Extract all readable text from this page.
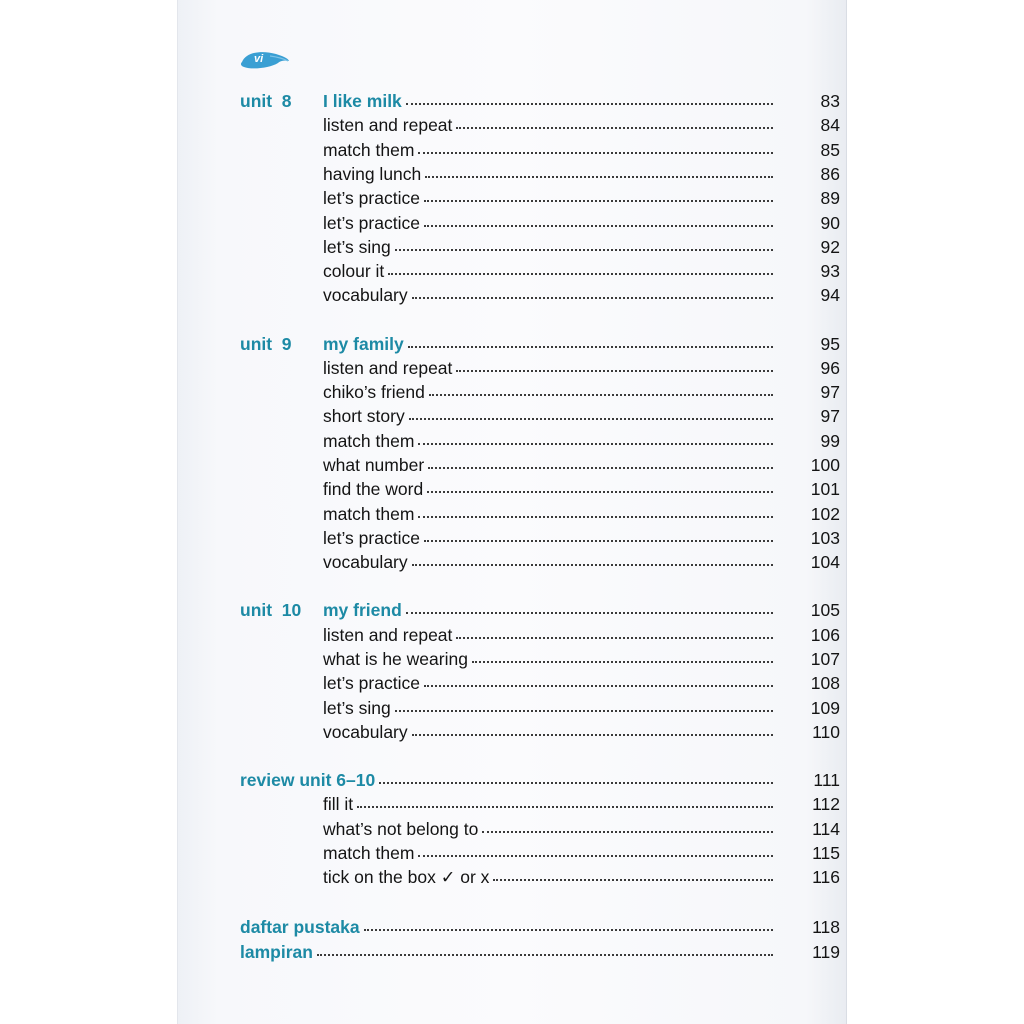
vi
unit  8 I like milk	83
listen and repeat	84
match them	85
having lunch	86
let’s practice	89
let’s practice	90
let’s sing	92
colour it	93
vocabulary	94
unit  9 my family	95
listen and repeat	96
chiko’s friend	97
short story	97
match them	99
what number	100
find the word	101
match them	102
let’s practice	103
vocabulary	104
unit  10 my friend	105
listen and repeat	106
what is he wearing	107
let’s practice	108
let’s sing	109
vocabulary	110
review unit 6–10	111
fill it	112
what’s not belong to	114
match them	115
tick on the box ✓ or x	116
daftar pustaka	118
lampiran	119
